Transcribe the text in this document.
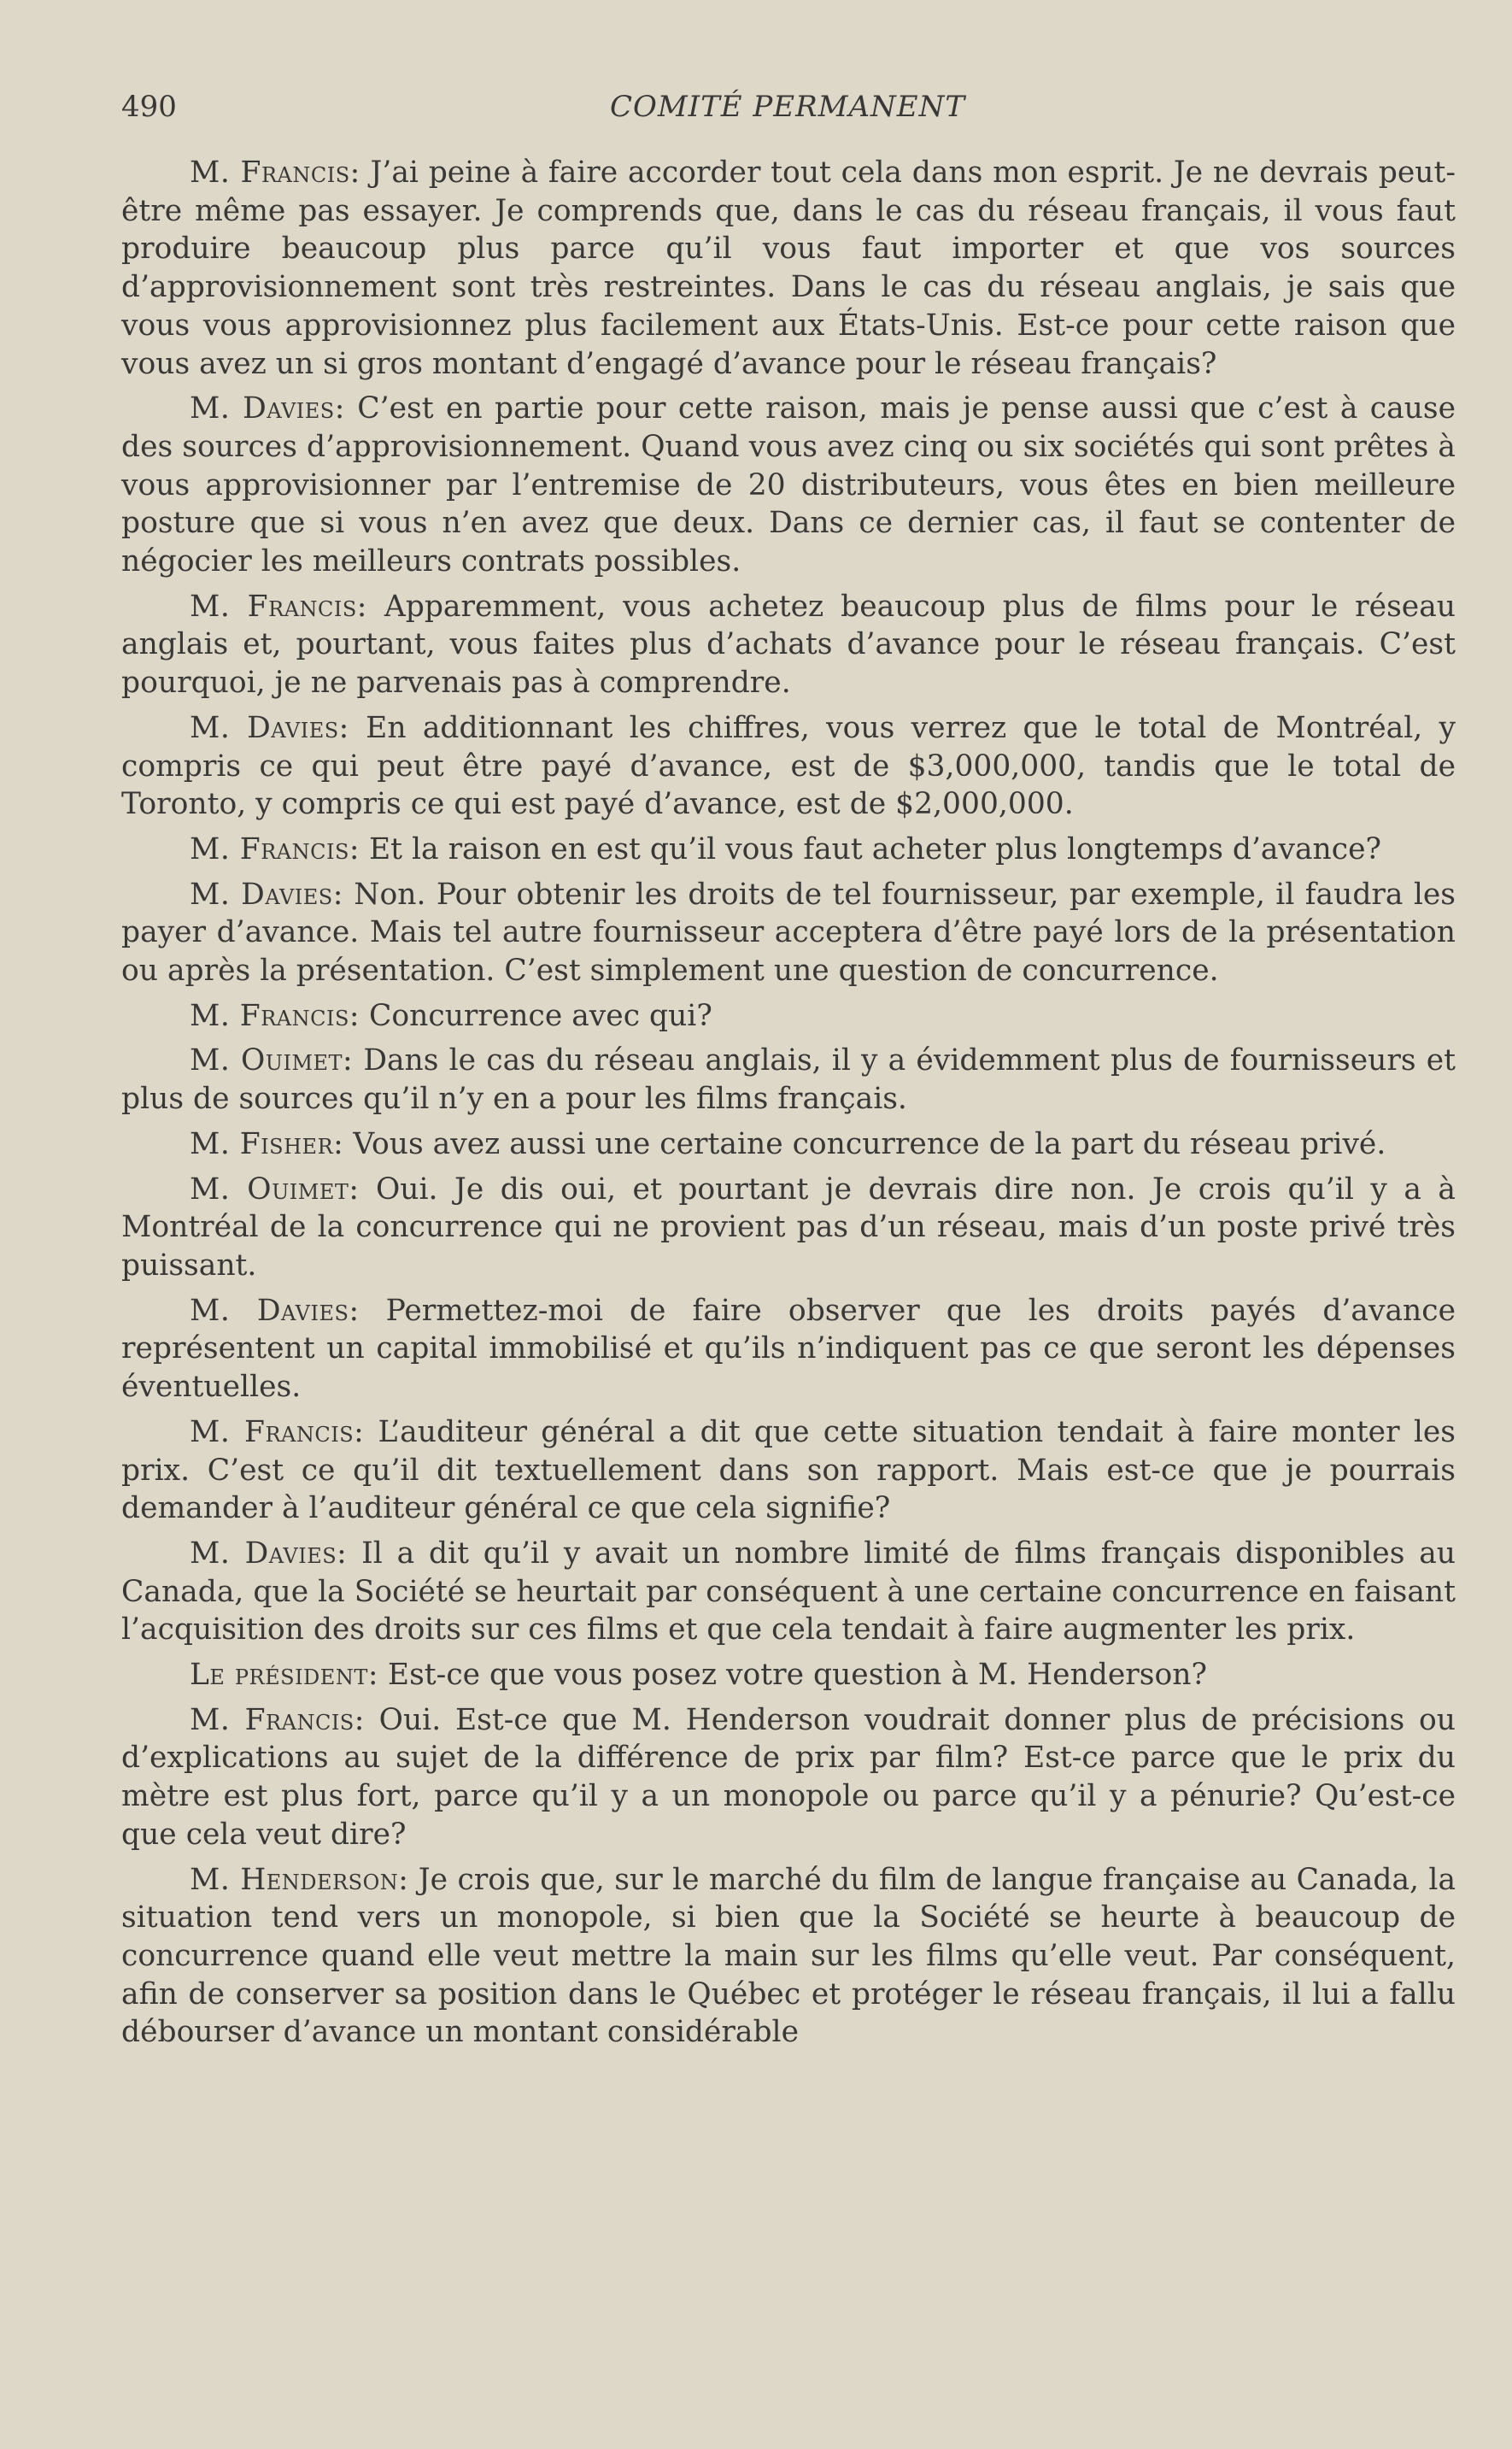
490	COMITÉ PERMANENT

M. Francis: J’ai peine à faire accorder tout cela dans mon esprit. Je ne devrais peut-être même pas essayer. Je comprends que, dans le cas du réseau français, il vous faut produire beaucoup plus parce qu’il vous faut importer et que vos sources d’approvisionnement sont très restreintes. Dans le cas du réseau anglais, je sais que vous vous approvisionnez plus facilement aux États-Unis. Est-ce pour cette raison que vous avez un si gros montant d’engagé d’avance pour le réseau français?

M. Davies: C’est en partie pour cette raison, mais je pense aussi que c’est à cause des sources d’approvisionnement. Quand vous avez cinq ou six sociétés qui sont prêtes à vous approvisionner par l’entremise de 20 distributeurs, vous êtes en bien meilleure posture que si vous n’en avez que deux. Dans ce dernier cas, il faut se contenter de négocier les meilleurs contrats possibles.

M. Francis: Apparemment, vous achetez beaucoup plus de films pour le réseau anglais et, pourtant, vous faites plus d’achats d’avance pour le réseau français. C’est pourquoi, je ne parvenais pas à comprendre.

M. Davies: En additionnant les chiffres, vous verrez que le total de Montréal, y compris ce qui peut être payé d’avance, est de $3,000,000, tandis que le total de Toronto, y compris ce qui est payé d’avance, est de $2,000,000.

M. Francis: Et la raison en est qu’il vous faut acheter plus longtemps d’avance?

M. Davies: Non. Pour obtenir les droits de tel fournisseur, par exemple, il faudra les payer d’avance. Mais tel autre fournisseur acceptera d’être payé lors de la présentation ou après la présentation. C’est simplement une question de concurrence.

M. Francis: Concurrence avec qui?

M. Ouimet: Dans le cas du réseau anglais, il y a évidemment plus de fournisseurs et plus de sources qu’il n’y en a pour les films français.

M. Fisher: Vous avez aussi une certaine concurrence de la part du réseau privé.

M. Ouimet: Oui. Je dis oui, et pourtant je devrais dire non. Je crois qu’il y a à Montréal de la concurrence qui ne provient pas d’un réseau, mais d’un poste privé très puissant.

M. Davies: Permettez-moi de faire observer que les droits payés d’avance représentent un capital immobilisé et qu’ils n’indiquent pas ce que seront les dépenses éventuelles.

M. Francis: L’auditeur général a dit que cette situation tendait à faire monter les prix. C’est ce qu’il dit textuellement dans son rapport. Mais est-ce que je pourrais demander à l’auditeur général ce que cela signifie?

M. Davies: Il a dit qu’il y avait un nombre limité de films français disponibles au Canada, que la Société se heurtait par conséquent à une certaine concurrence en faisant l’acquisition des droits sur ces films et que cela tendait à faire augmenter les prix.

Le président: Est-ce que vous posez votre question à M. Henderson?

M. Francis: Oui. Est-ce que M. Henderson voudrait donner plus de précisions ou d’explications au sujet de la différence de prix par film? Est-ce parce que le prix du mètre est plus fort, parce qu’il y a un monopole ou parce qu’il y a pénurie? Qu’est-ce que cela veut dire?

M. Henderson: Je crois que, sur le marché du film de langue française au Canada, la situation tend vers un monopole, si bien que la Société se heurte à beaucoup de concurrence quand elle veut mettre la main sur les films qu’elle veut. Par conséquent, afin de conserver sa position dans le Québec et protéger le réseau français, il lui a fallu débourser d’avance un montant considérable
